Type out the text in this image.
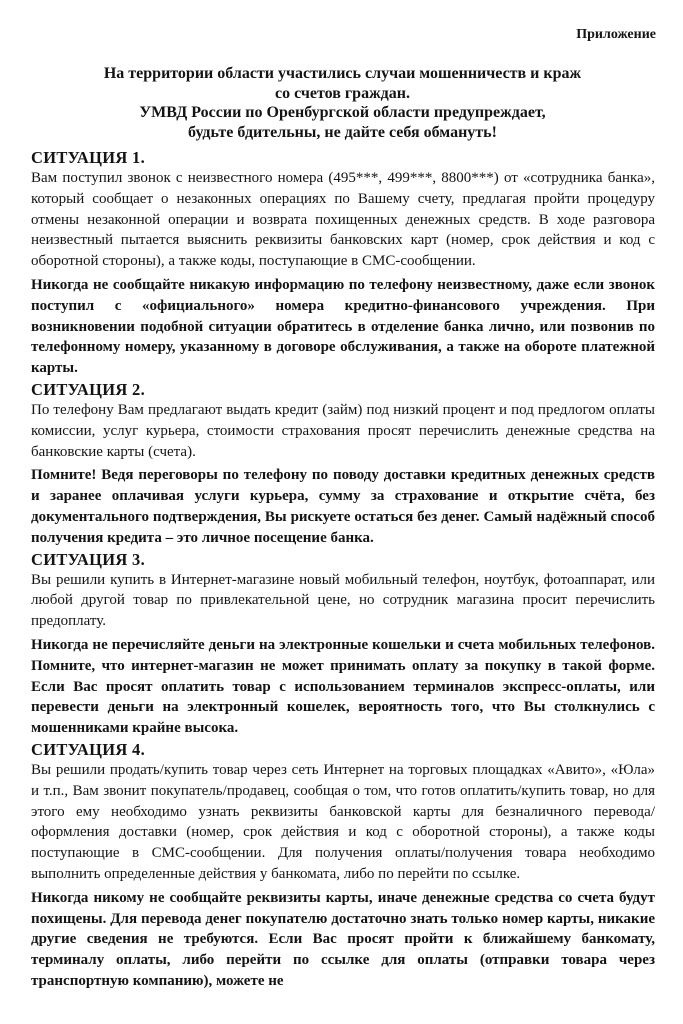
Приложение
На территории области участились случаи мошенничеств и краж
со счетов граждан.
УМВД России по Оренбургской области предупреждает,
будьте бдительны, не дайте себя обмануть!
СИТУАЦИЯ 1.

Вам поступил звонок с неизвестного номера (495***, 499***, 8800***) от «сотрудника банка», который сообщает о незаконных операциях по Вашему счету, предлагая пройти процедуру отмены незаконной операции и возврата похищенных денежных средств. В ходе разговора неизвестный пытается выяснить реквизиты банковских карт (номер, срок действия и код с оборотной стороны), а также коды, поступающие в СМС-сообщении.

Никогда не сообщайте никакую информацию по телефону неизвестному, даже если звонок поступил с «официального» номера кредитно-финансового учреждения. При возникновении подобной ситуации обратитесь в отделение банка лично, или позвонив по телефонному номеру, указанному в договоре обслуживания, а также на обороте платежной карты.

СИТУАЦИЯ 2.

По телефону Вам предлагают выдать кредит (займ) под низкий процент и под предлогом оплаты комиссии, услуг курьера, стоимости страхования просят перечислить денежные средства на банковские карты (счета).

Помните! Ведя переговоры по телефону по поводу доставки кредитных денежных средств и заранее оплачивая услуги курьера, сумму за страхование и открытие счёта, без документального подтверждения, Вы рискуете остаться без денег. Самый надёжный способ получения кредита – это личное посещение банка.

СИТУАЦИЯ 3.

Вы решили купить в Интернет-магазине новый мобильный телефон, ноутбук, фотоаппарат, или любой другой товар по привлекательной цене, но сотрудник магазина просит перечислить предоплату.

Никогда не перечисляйте деньги на электронные кошельки и счета мобильных телефонов. Помните, что интернет-магазин не может принимать оплату за покупку в такой форме. Если Вас просят оплатить товар с использованием терминалов экспресс-оплаты, или перевести деньги на электронный кошелек, вероятность того, что Вы столкнулись с мошенниками крайне высока.

СИТУАЦИЯ 4.

Вы решили продать/купить товар через сеть Интернет на торговых площадках «Авито», «Юла» и т.п., Вам звонит покупатель/продавец, сообщая о том, что готов оплатить/купить товар, но для этого ему необходимо узнать реквизиты банковской карты для безналичного перевода/оформления доставки (номер, срок действия и код с оборотной стороны), а также коды поступающие в СМС-сообщении. Для получения оплаты/получения товара необходимо выполнить определенные действия у банкомата, либо по перейти по ссылке.

Никогда никому не сообщайте реквизиты карты, иначе денежные средства со счета будут похищены. Для перевода денег покупателю достаточно знать только номер карты, никакие другие сведения не требуются. Если Вас просят пройти к ближайшему банкомату, терминалу оплаты, либо перейти по ссылке для оплаты (отправки товара через транспортную компанию), можете не
